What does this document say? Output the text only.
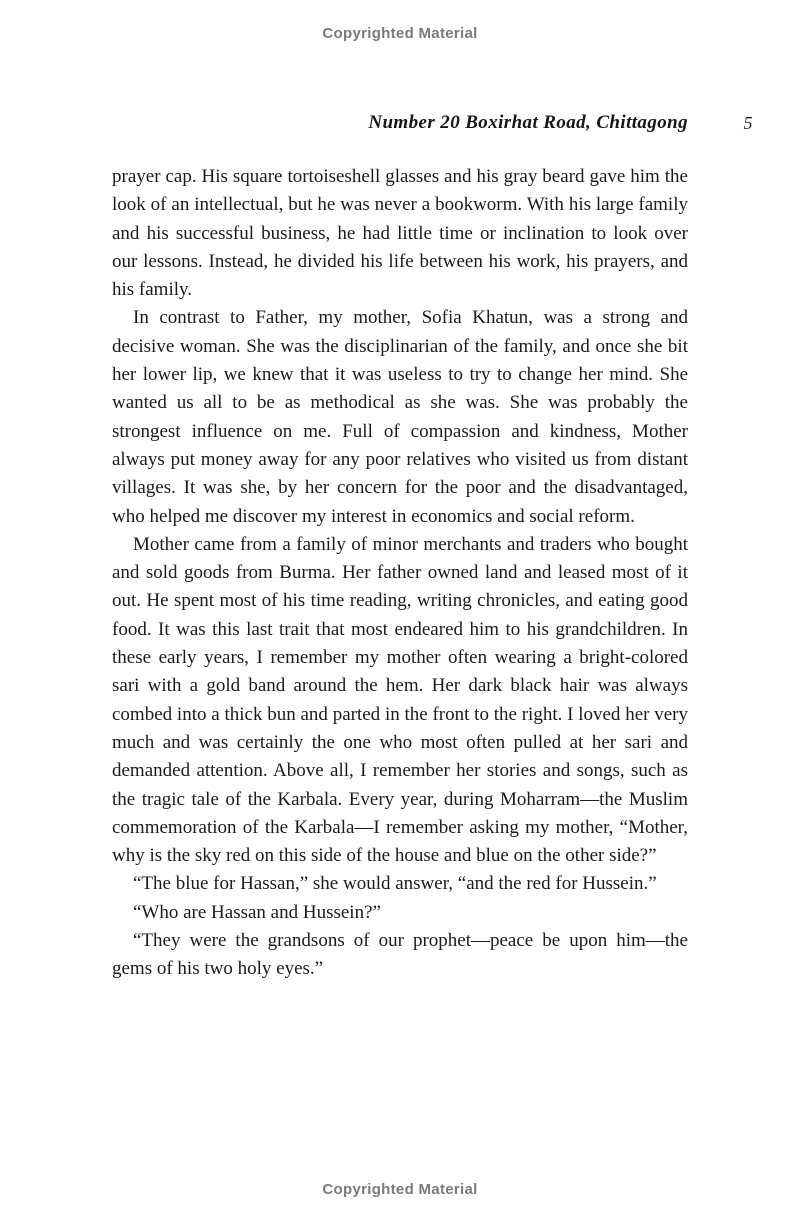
Copyrighted Material
Number 20 Boxirhat Road, Chittagong	5

prayer cap. His square tortoiseshell glasses and his gray beard gave him the look of an intellectual, but he was never a bookworm. With his large family and his successful business, he had little time or inclination to look over our lessons. Instead, he divided his life between his work, his prayers, and his family.

In contrast to Father, my mother, Sofia Khatun, was a strong and decisive woman. She was the disciplinarian of the family, and once she bit her lower lip, we knew that it was useless to try to change her mind. She wanted us all to be as methodical as she was. She was probably the strongest influence on me. Full of compassion and kindness, Mother always put money away for any poor relatives who visited us from distant villages. It was she, by her concern for the poor and the disadvantaged, who helped me discover my interest in economics and social reform.

Mother came from a family of minor merchants and traders who bought and sold goods from Burma. Her father owned land and leased most of it out. He spent most of his time reading, writing chronicles, and eating good food. It was this last trait that most endeared him to his grandchildren. In these early years, I remember my mother often wearing a bright-colored sari with a gold band around the hem. Her dark black hair was always combed into a thick bun and parted in the front to the right. I loved her very much and was certainly the one who most often pulled at her sari and demanded attention. Above all, I remember her stories and songs, such as the tragic tale of the Karbala. Every year, during Moharram—the Muslim commemoration of the Karbala—I remember asking my mother, “Mother, why is the sky red on this side of the house and blue on the other side?”

“The blue for Hassan,” she would answer, “and the red for Hussein.”

“Who are Hassan and Hussein?”

“They were the grandsons of our prophet—peace be upon him—the gems of his two holy eyes.”

Copyrighted Material
